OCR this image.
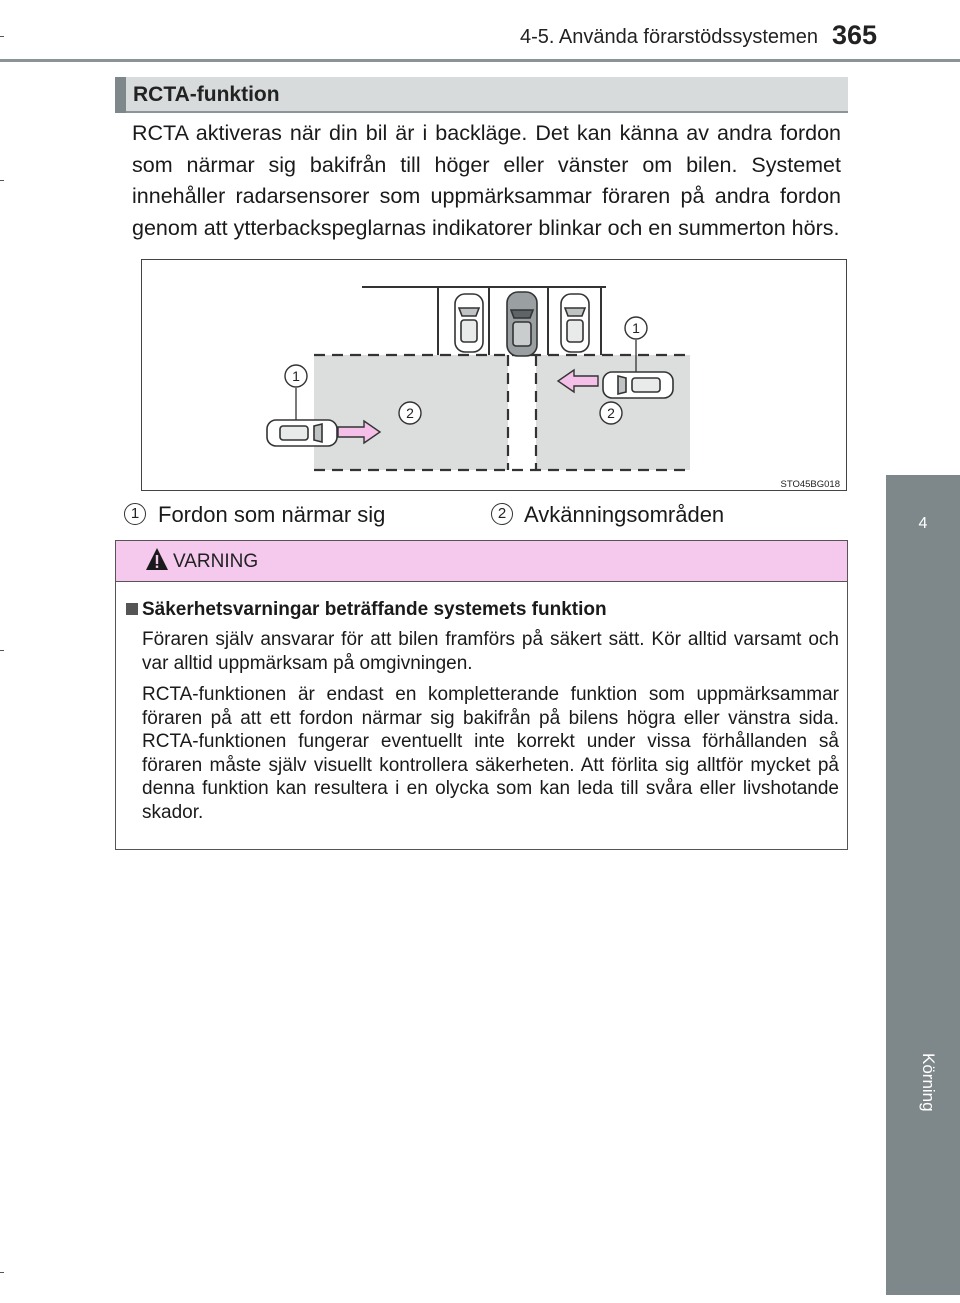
4-5. Använda förarstödssystemen 365
4
Körning
RCTA-funktion

RCTA aktiveras när din bil är i backläge. Det kan känna av andra fordon som närmar sig bakifrån till höger eller vänster om bilen. Systemet innehåller radarsensorer som uppmärksammar föraren på andra fordon genom att ytterbackspeglarnas indikatorer blinkar och en summerton hörs.

1
1
2	2
STO45BG018
1 Fordon som närmar sig	2 Avkänningsområden
VARNING
Säkerhetsvarningar beträffande systemets funktion

Föraren själv ansvarar för att bilen framförs på säkert sätt. Kör alltid varsamt och var alltid uppmärksam på omgivningen.

RCTA-funktionen är endast en kompletterande funktion som uppmärksammar föraren på att ett fordon närmar sig bakifrån på bilens högra eller vänstra sida. RCTA-funktionen fungerar eventuellt inte korrekt under vissa förhållanden så föraren måste själv visuellt kontrollera säkerheten. Att förlita sig alltför mycket på denna funktion kan resultera i en olycka som kan leda till svåra eller livshotande skador.
